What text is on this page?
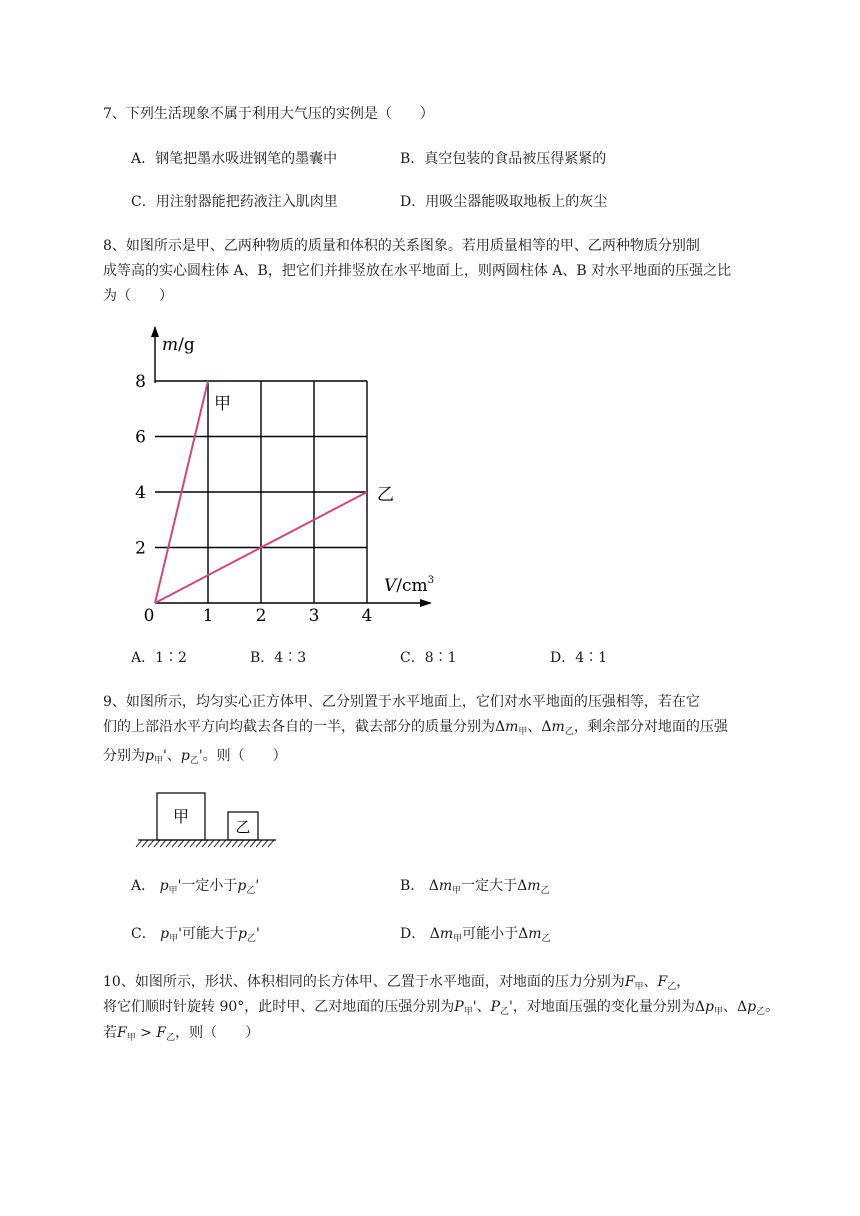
7、下列生活现象不属于利用大气压的实例是（　　）
A．钢笔把墨水吸进钢笔的墨囊中	B．真空包装的食品被压得紧紧的
C．用注射器能把药液注入肌肉里	D．用吸尘器能吸取地板上的灰尘
8、如图所示是甲、乙两种物质的质量和体积的关系图象。若用质量相等的甲、乙两种物质分别制
成等高的实心圆柱体 A、B，把它们并排竖放在水平地面上，则两圆柱体 A、B 对水平地面的压强之比
为（　　）
甲
乙
1 2 3 4
2
4
6
8
m/g
$V/cm^3$
0
A．1∶2	B．4∶3	C．8∶1	D．4∶1
9、如图所示，均匀实心正方体甲、乙分别置于水平地面上，它们对水平地面的压强相等，若在它
们的上部沿水平方向均截去各自的一半，截去部分的质量分别为$\Delta m_甲$、$\Delta m_乙$，剩余部分对地面的压强
分别为$p_甲'$、$p_乙'$。则（　　）
甲
乙
A． $p_甲'$一定小于$p_乙'$	B． $\Delta m_甲$一定大于$\Delta m_乙$
C． $p_甲'$可能大于$p_乙'$	D． $\Delta m_甲$可能小于$\Delta m_乙$
10、如图所示，形状、体积相同的长方体甲、乙置于水平地面，对地面的压力分别为$F_甲$、$F_乙$，
将它们顺时针旋转 90°，此时甲、乙对地面的压强分别为$P_甲'$、$P_乙'$，对地面压强的变化量分别为$\Delta p_甲$、$\Delta p_乙$。
若$F_甲 > F_乙$，则（　　）
